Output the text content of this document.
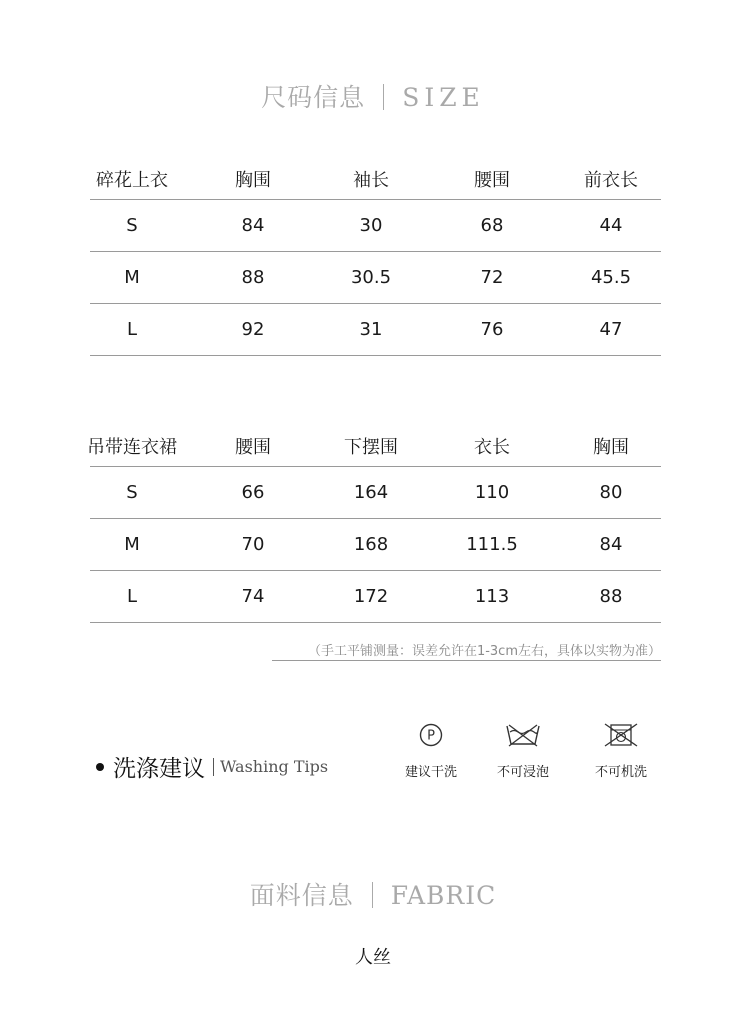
尺码信息 SIZE
碎花上衣	胸围	袖长	腰围	前衣长
S	84	30	68	44
M	88	30.5	72	45.5
L	92	31	76	47
吊带连衣裙	腰围	下摆围	衣长	胸围
S	66	164	110	80
M	70	168	111.5	84
L	74	172	113	88
（手工平铺测量：误差允许在1-3cm左右，具体以实物为准）
洗涤建议 Washing Tips
P
建议干洗	不可浸泡	不可机洗
面料信息 FABRIC
人丝
